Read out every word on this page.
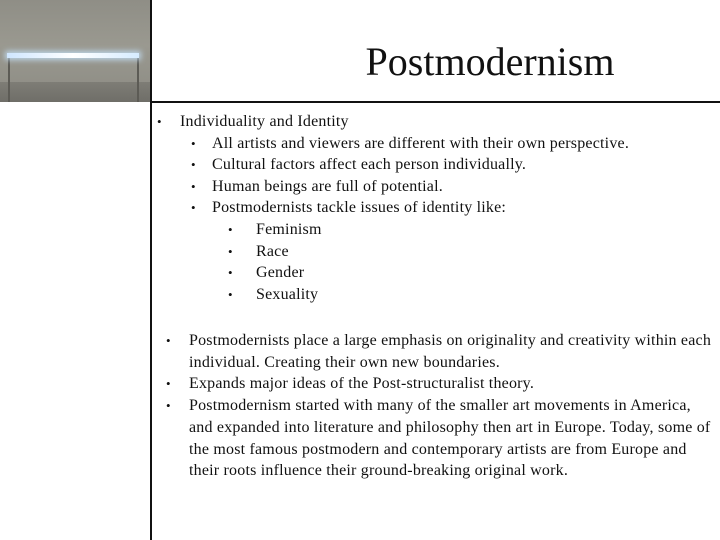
Postmodernism
• Individuality and Identity
• All artists and viewers are different with their own perspective.
• Cultural factors affect each person individually.
• Human beings are full of potential.
• Postmodernists tackle issues of identity like:
• Feminism
• Race
• Gender
• Sexuality
• Postmodernists place a large emphasis on originality and creativity within each individual. Creating their own new boundaries.
• Expands major ideas of the Post-structuralist theory.
• Postmodernism started with many of the smaller art movements in America, and expanded into literature and philosophy then art in Europe. Today, some of the most famous postmodern and contemporary artists are from Europe and their roots influence their ground-breaking original work.
